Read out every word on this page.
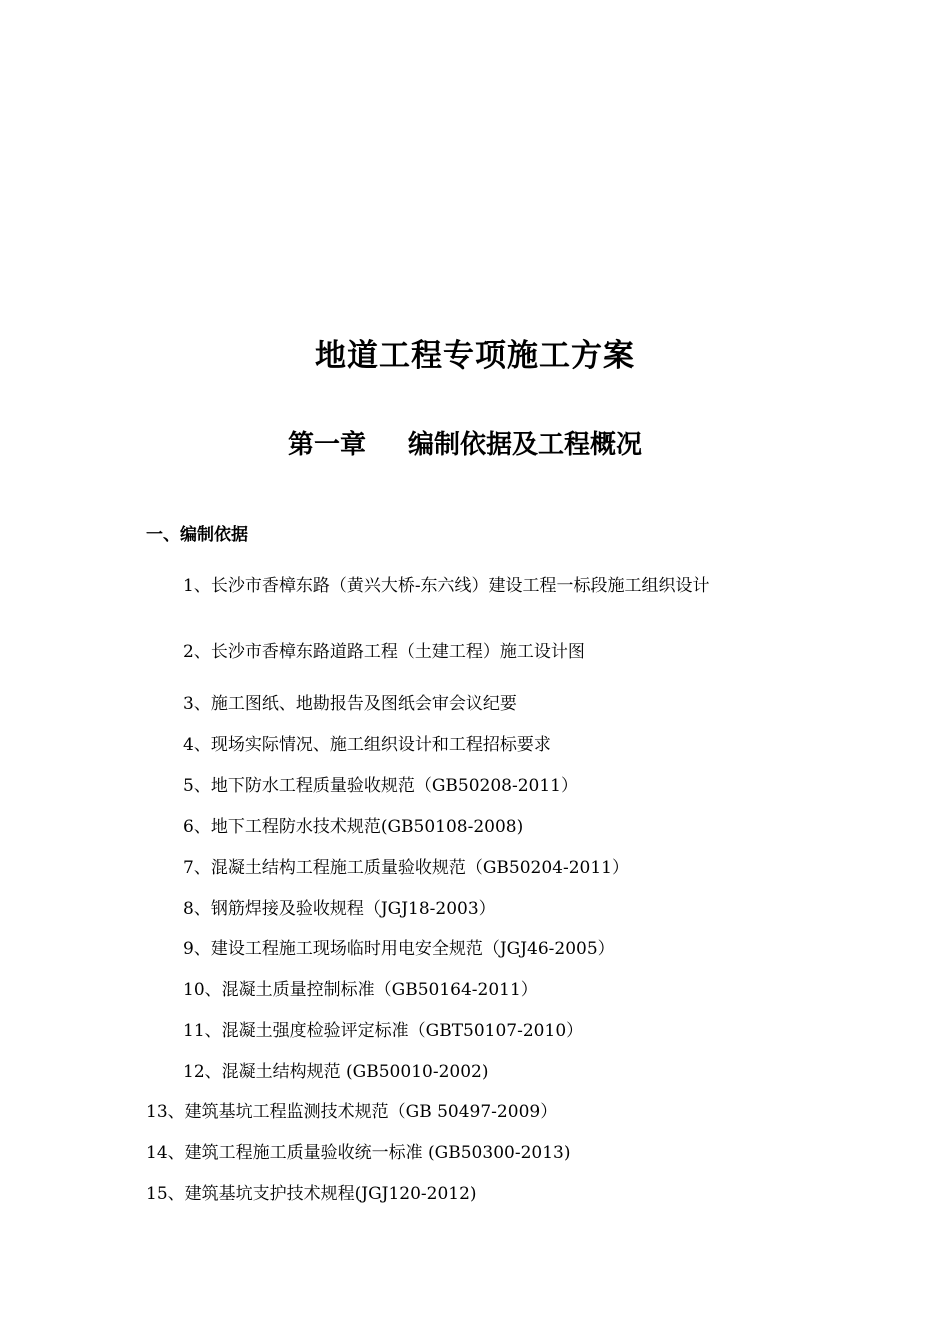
地道工程专项施工方案
第一章 编制依据及工程概况
一、编制依据
1、长沙市香樟东路（黄兴大桥-东六线）建设工程一标段施工组织设计
2、长沙市香樟东路道路工程（土建工程）施工设计图
3、施工图纸、地勘报告及图纸会审会议纪要
4、现场实际情况、施工组织设计和工程招标要求
5、地下防水工程质量验收规范（GB50208-2011）
6、地下工程防水技术规范(GB50108-2008)
7、混凝土结构工程施工质量验收规范（GB50204-2011）
8、钢筋焊接及验收规程（JGJ18-2003）
9、建设工程施工现场临时用电安全规范（JGJ46-2005）
10、混凝土质量控制标准（GB50164-2011）
11、混凝土强度检验评定标准（GBT50107-2010）
12、混凝土结构规范 (GB50010-2002)
13、建筑基坑工程监测技术规范（GB 50497-2009）
14、建筑工程施工质量验收统一标准 (GB50300-2013)
15、建筑基坑支护技术规程(JGJ120-2012)
